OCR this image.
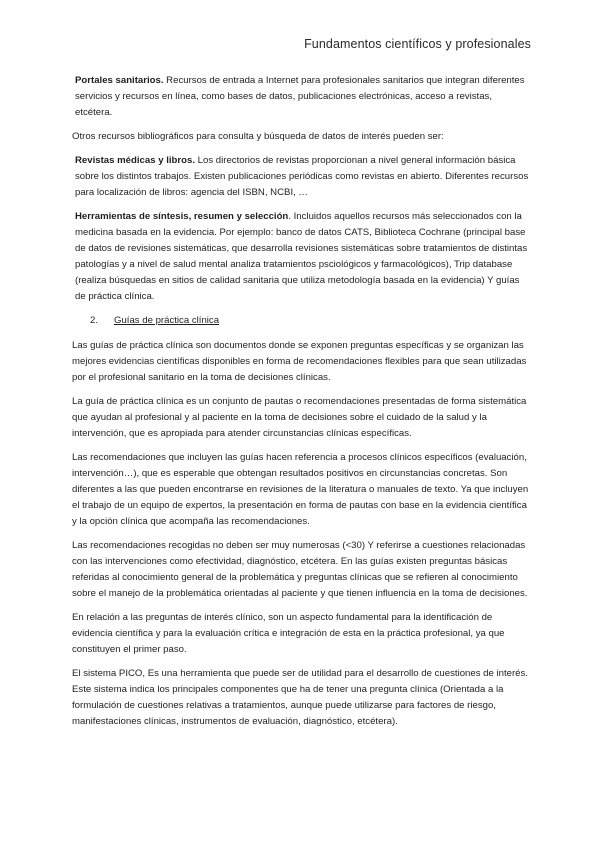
Fundamentos científicos y profesionales

Portales sanitarios. Recursos de entrada a Internet para profesionales sanitarios que integran diferentes servicios y recursos en línea, como bases de datos, publicaciones electrónicas, acceso a revistas, etcétera.

Otros recursos bibliográficos para consulta y búsqueda de datos de interés pueden ser:

Revistas médicas y libros. Los directorios de revistas proporcionan a nivel general información básica sobre los distintos trabajos. Existen publicaciones periódicas como revistas en abierto. Diferentes recursos para localización de libros: agencia del ISBN, NCBI, …

Herramientas de síntesis, resumen y selección. Incluidos aquellos recursos más seleccionados con la medicina basada en la evidencia. Por ejemplo: banco de datos CATS, Biblioteca Cochrane (principal base de datos de revisiones sistemáticas, que desarrolla revisiones sistemáticas sobre tratamientos de distintas patologías y a nivel de salud mental analiza tratamientos psciológicos y farmacológicos), Trip database (realiza búsquedas en sitios de calidad sanitaria que utiliza metodología basada en la evidencia) Y guías de práctica clínica.

2. Guías de práctica clínica

Las guías de práctica clínica son documentos donde se exponen preguntas específicas y se organizan las mejores evidencias científicas disponibles en forma de recomendaciones flexibles para que sean utilizadas por el profesional sanitario en la toma de decisiones clínicas.

La guía de práctica clínica es un conjunto de pautas o recomendaciones presentadas de forma sistemática que ayudan al profesional y al paciente en la toma de decisiones sobre el cuidado de la salud y la intervención, que es apropiada para atender circunstancias clínicas específicas.

Las recomendaciones que incluyen las guías hacen referencia a procesos clínicos específicos (evaluación, intervención…), que es esperable que obtengan resultados positivos en circunstancias concretas. Son diferentes a las que pueden encontrarse en revisiones de la literatura o manuales de texto. Ya que incluyen el trabajo de un equipo de expertos, la presentación en forma de pautas con base en la evidencia científica y la opción clínica que acompaña las recomendaciones.

Las recomendaciones recogidas no deben ser muy numerosas (<30) Y referirse a cuestiones relacionadas con las intervenciones como efectividad, diagnóstico, etcétera. En las guías existen preguntas básicas referidas al conocimiento general de la problemática y preguntas clínicas que se refieren al conocimiento sobre el manejo de la problemática orientadas al paciente y que tienen influencia en la toma de decisiones.

En relación a las preguntas de interés clínico, son un aspecto fundamental para la identificación de evidencia científica y para la evaluación crítica e integración de esta en la práctica profesional, ya que constituyen el primer paso.

El sistema PICO, Es una herramienta que puede ser de utilidad para el desarrollo de cuestiones de interés. Este sistema indica los principales componentes que ha de tener una pregunta clínica (Orientada a la formulación de cuestiones relativas a tratamientos, aunque puede utilizarse para factores de riesgo, manifestaciones clínicas, instrumentos de evaluación, diagnóstico, etcétera).
